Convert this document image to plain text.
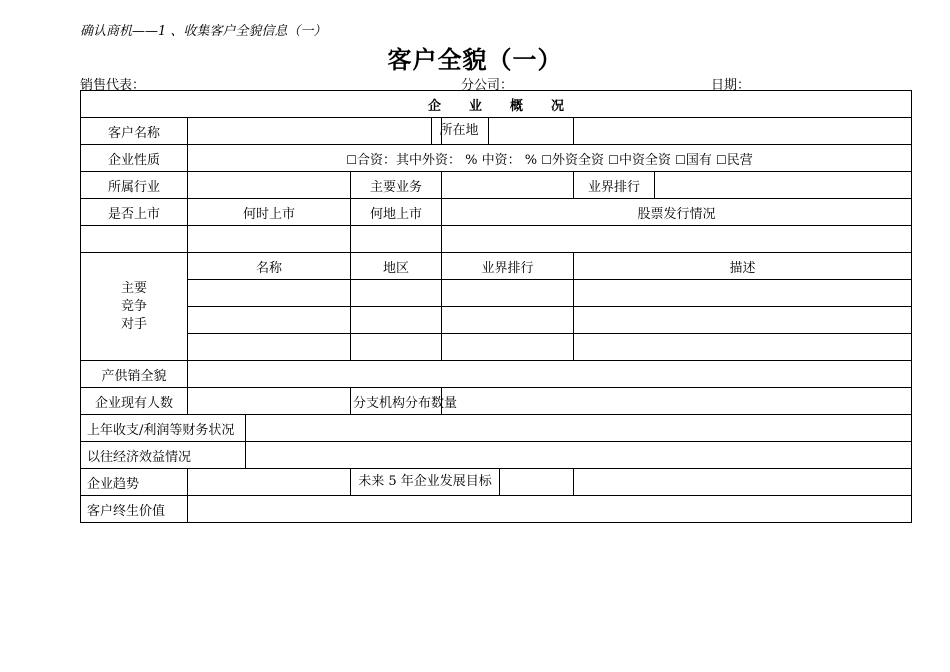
确认商机——1 、收集客户全貌信息（一）
客户全貌（一）
销售代表：	分公司：	日期：
企业概况							
客户名称					所在地		
企业性质	☐合资：其中外资： % 中资： % ☐外资全资 ☐中资全资 ☐国有 ☐民营						
所属行业			主要业务			业界排行	
是否上市	何时上市		何地上市		股票发行情况		

主要
竞争
对手	名称		地区		业界排行	描述	

产供销全貌							
企业现有人数			分支机构分布数量				
上年收支/利润等财务状况							
以往经济效益情况							
企业趋势			未来 5 年企业发展目标				
客户终生价值							
